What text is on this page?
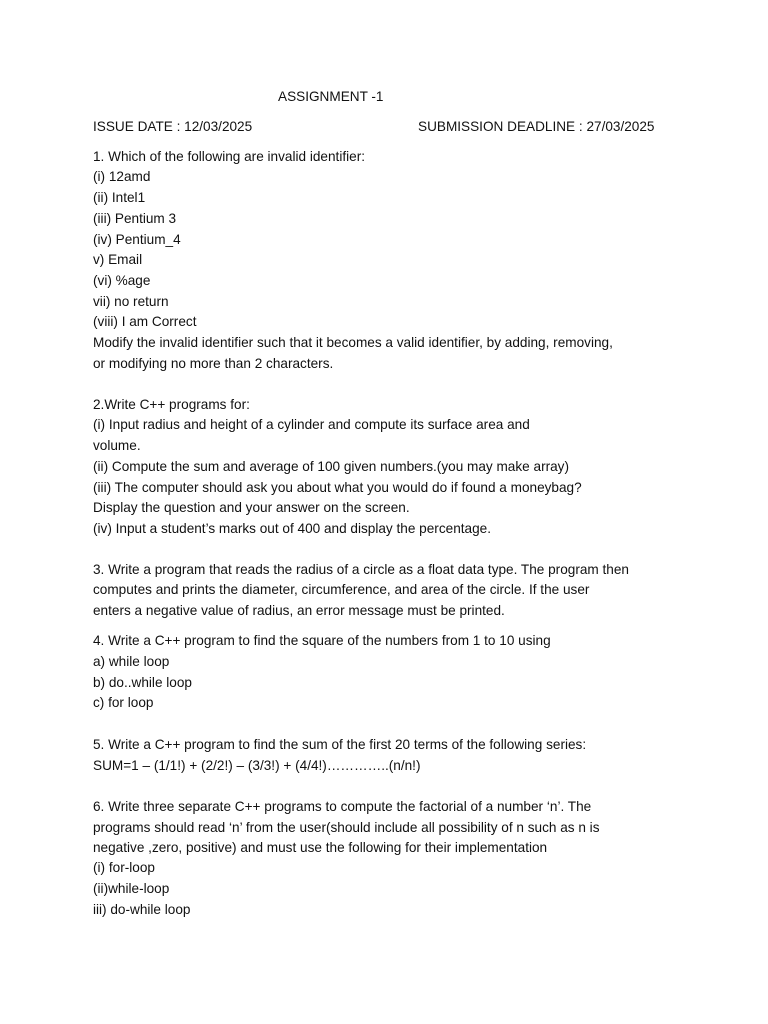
ASSIGNMENT -1
ISSUE DATE : 12/03/2025	SUBMISSION DEADLINE : 27/03/2025
1. Which of the following are invalid identifier:
(i) 12amd
(ii) Intel1
(iii) Pentium 3
(iv) Pentium_4
v) Email
(vi) %age
vii) no return
(viii) I am Correct
Modify the invalid identifier such that it becomes a valid identifier, by adding, removing,
or modifying no more than 2 characters.
2.Write C++ programs for:
(i) Input radius and height of a cylinder and compute its surface area and
volume.
(ii) Compute the sum and average of 100 given numbers.(you may make array)
(iii) The computer should ask you about what you would do if found a moneybag?
Display the question and your answer on the screen.
(iv) Input a student’s marks out of 400 and display the percentage.
3. Write a program that reads the radius of a circle as a float data type. The program then
computes and prints the diameter, circumference, and area of the circle. If the user
enters a negative value of radius, an error message must be printed.
4. Write a C++ program to find the square of the numbers from 1 to 10 using
a) while loop
b) do..while loop
c) for loop
5. Write a C++ program to find the sum of the first 20 terms of the following series:
SUM=1 – (1/1!) + (2/2!) – (3/3!) + (4/4!)…………..(n/n!)
6. Write three separate C++ programs to compute the factorial of a number ‘n’. The
programs should read ‘n’ from the user(should include all possibility of n such as n is
negative ,zero, positive) and must use the following for their implementation
(i) for-loop
(ii)while-loop
iii) do-while loop
